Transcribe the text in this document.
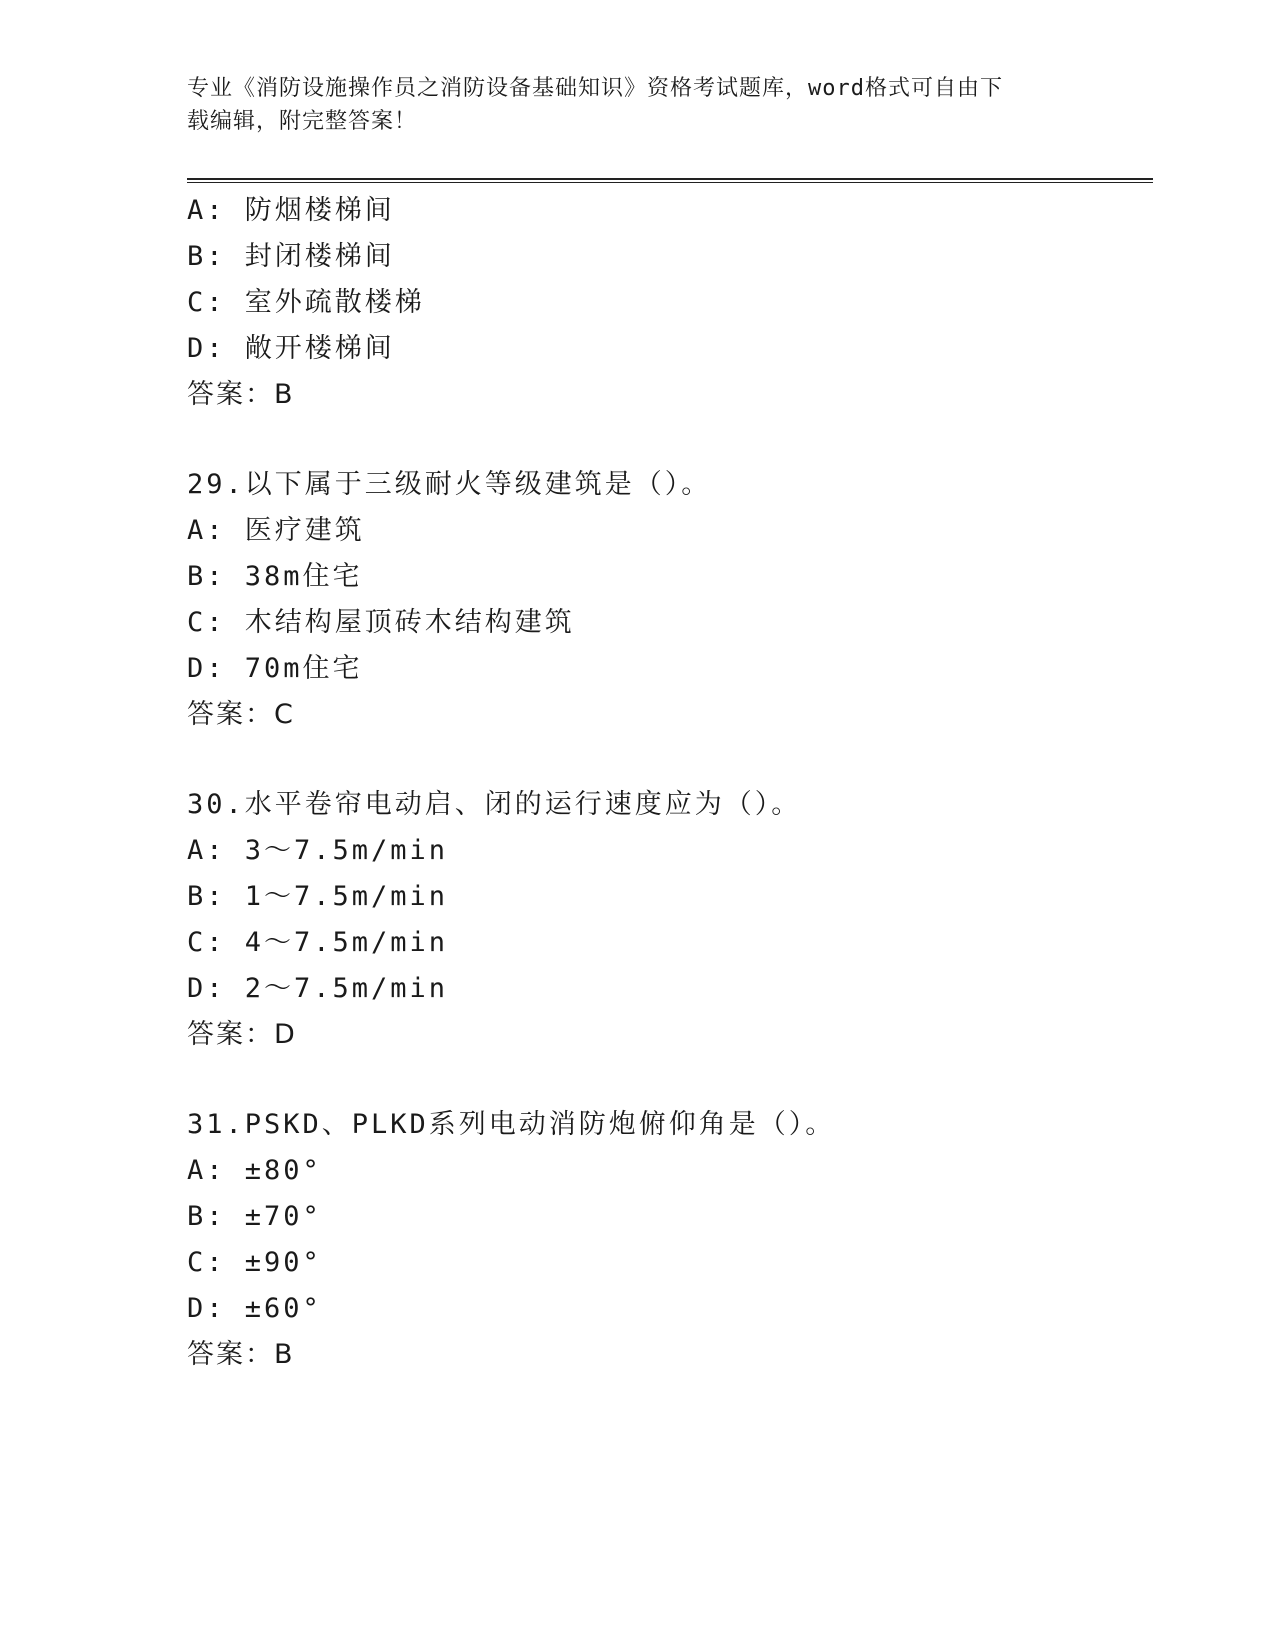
专业《消防设施操作员之消防设备基础知识》资格考试题库，word格式可自由下
载编辑，附完整答案！
A: 防烟楼梯间
B: 封闭楼梯间
C: 室外疏散楼梯
D: 敞开楼梯间
答案：B
29.以下属于三级耐火等级建筑是（）。
A: 医疗建筑
B: 38m住宅
C: 木结构屋顶砖木结构建筑
D: 70m住宅
答案：C
30.水平卷帘电动启、闭的运行速度应为（）。
A: 3～7.5m/min
B: 1～7.5m/min
C: 4～7.5m/min
D: 2～7.5m/min
答案：D
31.PSKD、PLKD系列电动消防炮俯仰角是（）。
A: ±80°
B: ±70°
C: ±90°
D: ±60°
答案：B
